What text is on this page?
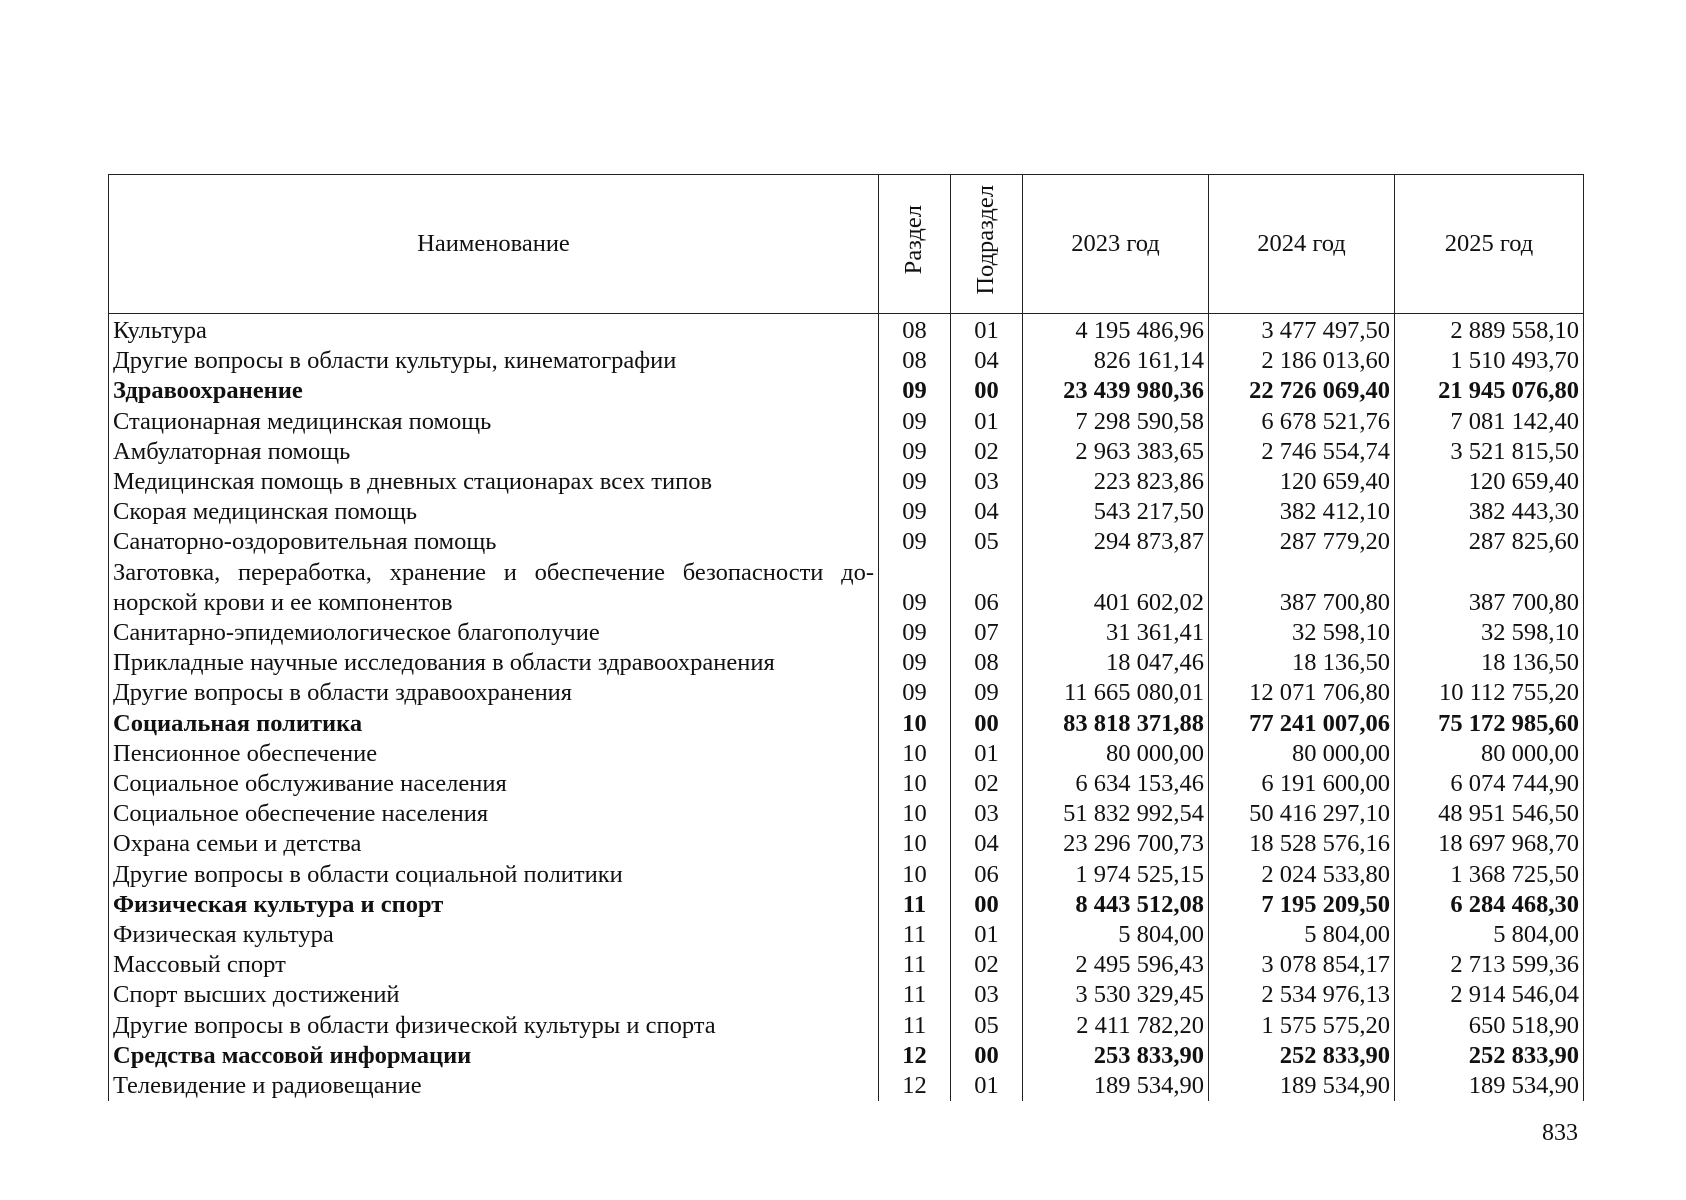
Наименование	Раздел	Подраздел	2023 год	2024 год	2025 год
Культура	08	01	4 195 486,96	3 477 497,50	2 889 558,10
Другие вопросы в области культуры, кинематографии	08	04	826 161,14	2 186 013,60	1 510 493,70
Здравоохранение	09	00	23 439 980,36	22 726 069,40	21 945 076,80
Стационарная медицинская помощь	09	01	7 298 590,58	6 678 521,76	7 081 142,40
Амбулаторная помощь	09	02	2 963 383,65	2 746 554,74	3 521 815,50
Медицинская помощь в дневных стационарах всех типов	09	03	223 823,86	120 659,40	120 659,40
Скорая медицинская помощь	09	04	543 217,50	382 412,10	382 443,30
Санаторно-оздоровительная помощь	09	05	294 873,87	287 779,20	287 825,60
Заготовка, переработка, хранение и обеспечение безопасности до-норской крови и ее компонентов	09	06	401 602,02	387 700,80	387 700,80
Санитарно-эпидемиологическое благополучие	09	07	31 361,41	32 598,10	32 598,10
Прикладные научные исследования в области здравоохранения	09	08	18 047,46	18 136,50	18 136,50
Другие вопросы в области здравоохранения	09	09	11 665 080,01	12 071 706,80	10 112 755,20
Социальная политика	10	00	83 818 371,88	77 241 007,06	75 172 985,60
Пенсионное обеспечение	10	01	80 000,00	80 000,00	80 000,00
Социальное обслуживание населения	10	02	6 634 153,46	6 191 600,00	6 074 744,90
Социальное обеспечение населения	10	03	51 832 992,54	50 416 297,10	48 951 546,50
Охрана семьи и детства	10	04	23 296 700,73	18 528 576,16	18 697 968,70
Другие вопросы в области социальной политики	10	06	1 974 525,15	2 024 533,80	1 368 725,50
Физическая культура и спорт	11	00	8 443 512,08	7 195 209,50	6 284 468,30
Физическая культура	11	01	5 804,00	5 804,00	5 804,00
Массовый спорт	11	02	2 495 596,43	3 078 854,17	2 713 599,36
Спорт высших достижений	11	03	3 530 329,45	2 534 976,13	2 914 546,04
Другие вопросы в области физической культуры и спорта	11	05	2 411 782,20	1 575 575,20	650 518,90
Средства массовой информации	12	00	253 833,90	252 833,90	252 833,90
Телевидение и радиовещание	12	01	189 534,90	189 534,90	189 534,90
833
